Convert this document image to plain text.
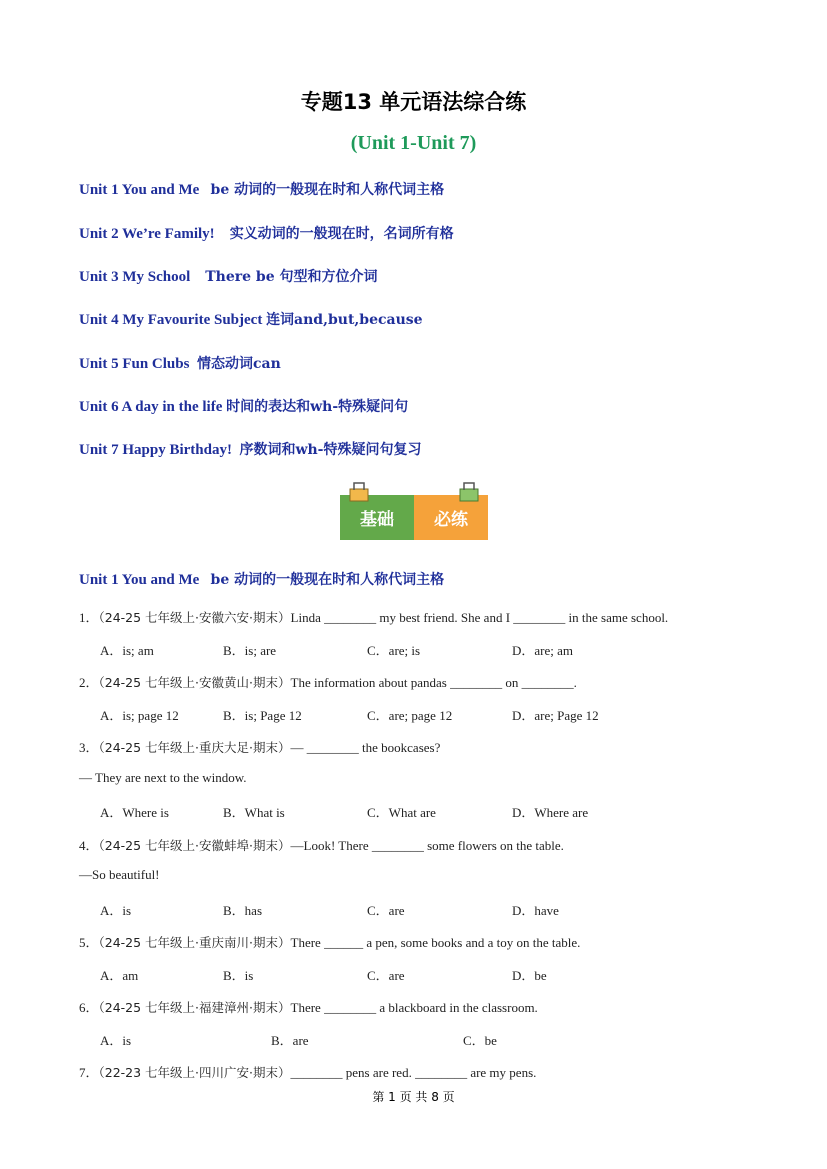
专题13 单元语法综合练
(Unit 1-Unit 7)
Unit 1 You and Me be 动词的一般现在时和人称代词主格
Unit 2 We’re Family! 实义动词的一般现在时，名词所有格
Unit 3 My School There be 句型和方位介词
Unit 4 My Favourite Subject 连词and,but,because
Unit 5 Fun Clubs 情态动词can
Unit 6 A day in the life 时间的表达和wh-特殊疑问句
Unit 7 Happy Birthday! 序数词和wh-特殊疑问句复习
基础	必练
Unit 1 You and Me be 动词的一般现在时和人称代词主格
1．（24-25 七年级上·安徽六安·期末）Linda ________ my best friend. She and I ________ in the same school.
A．is; am	B．is; are	C．are; is	D．are; am
2．（24-25 七年级上·安徽黄山·期末）The information about pandas ________ on ________.
A．is; page 12	B．is; Page 12	C．are; page 12	D．are; Page 12
3．（24-25 七年级上·重庆大足·期末）— ________ the bookcases?
— They are next to the window.
A．Where is	B．What is	C．What are	D．Where are
4．（24-25 七年级上·安徽蚌埠·期末）—Look! There ________ some flowers on the table.
—So beautiful!
A．is	B．has	C．are	D．have
5．（24-25 七年级上·重庆南川·期末）There ______ a pen, some books and a toy on the table.
A．am	B．is	C．are	D．be
6．（24-25 七年级上·福建漳州·期末）There ________ a blackboard in the classroom.
A．is	B．are	C．be
7．（22-23 七年级上·四川广安·期末）________ pens are red. ________ are my pens.
第 1 页 共 8 页
